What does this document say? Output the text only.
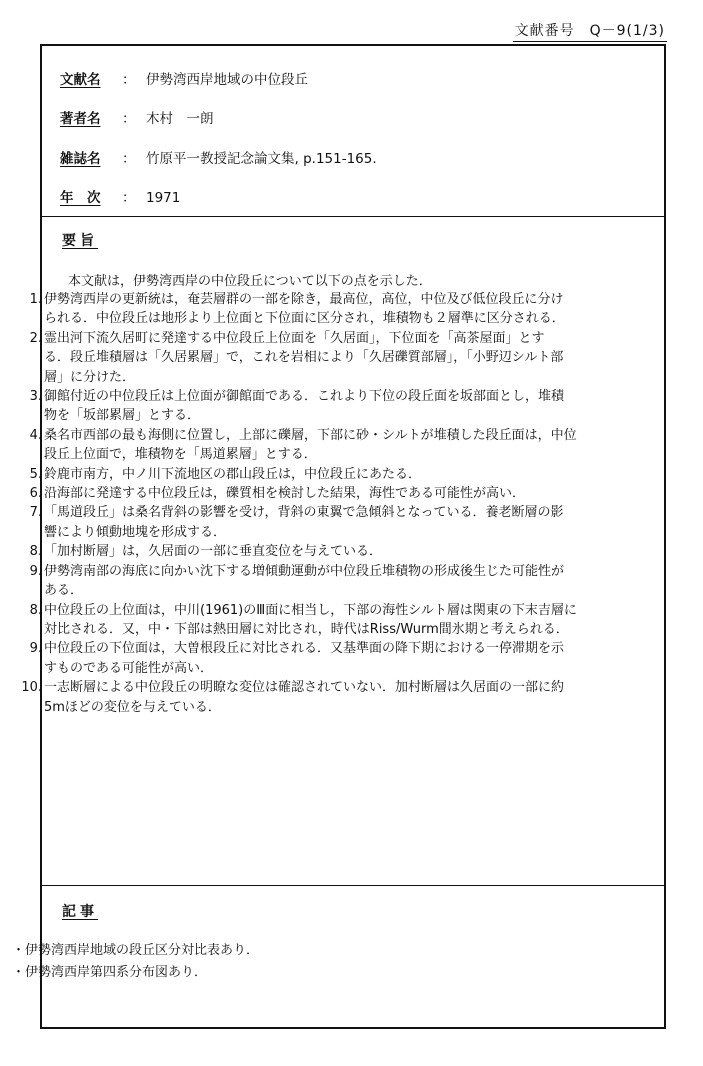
文献番号　Q－9(1/3)
文献名 ： 伊勢湾西岸地域の中位段丘
著者名 ： 木村　一朗
雑誌名 ： 竹原平一教授記念論文集, p.151-165.
年　次 ： 1971
要旨
本文献は，伊勢湾西岸の中位段丘について以下の点を示した．
1. 伊勢湾西岸の更新統は，奄芸層群の一部を除き，最高位，高位，中位及び低位段丘に分け
られる．中位段丘は地形より上位面と下位面に区分され，堆積物も２層準に区分される．
2. 霊出河下流久居町に発達する中位段丘上位面を「久居面」，下位面を「高茶屋面」とす
る．段丘堆積層は「久居累層」で，これを岩相により「久居礫質部層」，「小野辺シルト部
層」に分けた．
3. 御館付近の中位段丘は上位面が御館面である．これより下位の段丘面を坂部面とし，堆積
物を「坂部累層」とする．
4. 桑名市西部の最も海側に位置し，上部に礫層，下部に砂・シルトが堆積した段丘面は，中位
段丘上位面で，堆積物を「馬道累層」とする．
5. 鈴鹿市南方，中ノ川下流地区の郡山段丘は，中位段丘にあたる．
6. 沿海部に発達する中位段丘は，礫質相を検討した結果，海性である可能性が高い．
7. 「馬道段丘」は桑名背斜の影響を受け，背斜の東翼で急傾斜となっている．養老断層の影
響により傾動地塊を形成する．
8. 「加村断層」は，久居面の一部に垂直変位を与えている．
9. 伊勢湾南部の海底に向かい沈下する増傾動運動が中位段丘堆積物の形成後生じた可能性が
ある．
8. 中位段丘の上位面は，中川(1961)のⅢ面に相当し，下部の海性シルト層は関東の下末吉層に
対比される．又，中・下部は熱田層に対比され，時代はRiss/Wurm間氷期と考えられる．
9. 中位段丘の下位面は，大曽根段丘に対比される．又基準面の降下期における一停滞期を示
すものである可能性が高い．
10. 一志断層による中位段丘の明瞭な変位は確認されていない．加村断層は久居面の一部に約
5mほどの変位を与えている．
記事
・伊勢湾西岸地域の段丘区分対比表あり．
・伊勢湾西岸第四系分布図あり．
